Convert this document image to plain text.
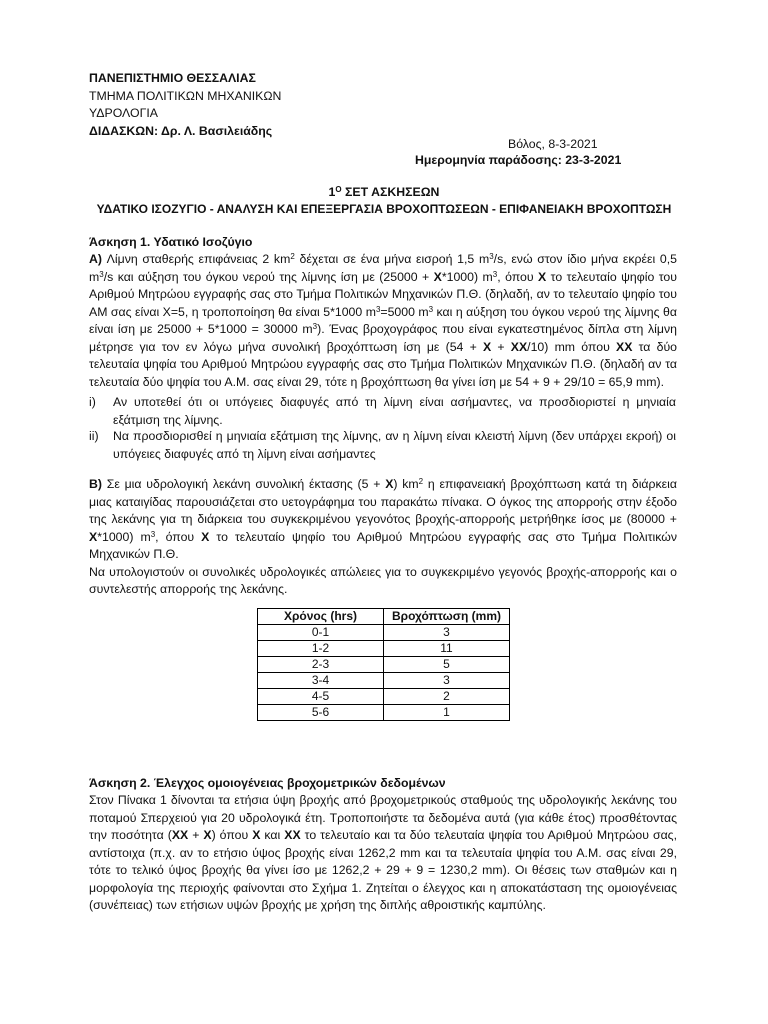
ΠΑΝΕΠΙΣΤΗΜΙΟ ΘΕΣΣΑΛΙΑΣ
ΤΜΗΜΑ ΠΟΛΙΤΙΚΩΝ ΜΗΧΑΝΙΚΩΝ
ΥΔΡΟΛΟΓΙΑ
ΔΙΔΑΣΚΩΝ: Δρ. Λ. Βασιλειάδης
Βόλος, 8-3-2021
Ημερομηνία παράδοσης: 23-3-2021
$1^O$ ΣΕΤ ΑΣΚΗΣΕΩΝ
ΥΔΑΤΙΚΟ ΙΣΟΖΥΓΙΟ - ΑΝΑΛΥΣΗ ΚΑΙ ΕΠΕΞΕΡΓΑΣΙΑ ΒΡΟΧΟΠΤΩΣΕΩΝ - ΕΠΙΦΑΝΕΙΑΚΗ ΒΡΟΧΟΠΤΩΣΗ
Άσκηση 1. Υδατικό Ισοζύγιο
A) Λίμνη σταθερής επιφάνειας 2 $km^2$ δέχεται σε ένα μήνα εισροή 1,5 $m^3/s$, ενώ στον ίδιο μήνα εκρέει 0,5 $m^3/s$ και αύξηση του όγκου νερού της λίμνης ίση με (25000 + X*1000) $m^3$, όπου X το τελευταίο ψηφίο του Αριθμού Μητρώου εγγραφής σας στο Τμήμα Πολιτικών Μηχανικών Π.Θ. (δηλαδή, αν το τελευταίο ψηφίο του ΑΜ σας είναι X=5, η τροποποίηση θα είναι 5*1000 $m^3=5000$ $m^3$ και η αύξηση του όγκου νερού της λίμνης θα είναι ίση με 25000 + 5*1000 = 30000 $m^3$). Ένας βροχογράφος που είναι εγκατεστημένος δίπλα στη λίμνη μέτρησε για τον εν λόγω μήνα συνολική βροχόπτωση ίση με (54 + X + XX/10) mm όπου XX τα δύο τελευταία ψηφία του Αριθμού Μητρώου εγγραφής σας στο Τμήμα Πολιτικών Μηχανικών Π.Θ. (δηλαδή αν τα τελευταία δύο ψηφία του Α.Μ. σας είναι 29, τότε η βροχόπτωση θα γίνει ίση με 54 + 9 + 29/10 = 65,9 mm).
i) Αν υποτεθεί ότι οι υπόγειες διαφυγές από τη λίμνη είναι ασήμαντες, να προσδιοριστεί η μηνιαία εξάτμιση της λίμνης.
ii) Να προσδιορισθεί η μηνιαία εξάτμιση της λίμνης, αν η λίμνη είναι κλειστή λίμνη (δεν υπάρχει εκροή) οι υπόγειες διαφυγές από τη λίμνη είναι ασήμαντες
B) Σε μια υδρολογική λεκάνη συνολική έκτασης (5 + X) $km^2$ η επιφανειακή βροχόπτωση κατά τη διάρκεια μιας καταιγίδας παρουσιάζεται στο υετογράφημα του παρακάτω πίνακα. Ο όγκος της απορροής στην έξοδο της λεκάνης για τη διάρκεια του συγκεκριμένου γεγονότος βροχής-απορροής μετρήθηκε ίσος με (80000 + X*1000) $m^3$, όπου X το τελευταίο ψηφίο του Αριθμού Μητρώου εγγραφής σας στο Τμήμα Πολιτικών Μηχανικών Π.Θ.
Να υπολογιστούν οι συνολικές υδρολογικές απώλειες για το συγκεκριμένο γεγονός βροχής-απορροής και ο συντελεστής απορροής της λεκάνης.
Χρόνος (hrs)	Βροχόπτωση (mm)
0-1	3
1-2	11
2-3	5
3-4	3
4-5	2
5-6	1
Άσκηση 2. Έλεγχος ομοιογένειας βροχομετρικών δεδομένων
Στον Πίνακα 1 δίνονται τα ετήσια ύψη βροχής από βροχομετρικούς σταθμούς της υδρολογικής λεκάνης του ποταμού Σπερχειού για 20 υδρολογικά έτη. Τροποποιήστε τα δεδομένα αυτά (για κάθε έτος) προσθέτοντας την ποσότητα (XX + X) όπου X και XX το τελευταίο και τα δύο τελευταία ψηφία του Αριθμού Μητρώου σας, αντίστοιχα (π.χ. αν το ετήσιο ύψος βροχής είναι 1262,2 mm και τα τελευταία ψηφία του Α.Μ. σας είναι 29, τότε το τελικό ύψος βροχής θα γίνει ίσο με 1262,2 + 29 + 9 = 1230,2 mm). Οι θέσεις των σταθμών και η μορφολογία της περιοχής φαίνονται στο Σχήμα 1. Ζητείται ο έλεγχος και η αποκατάσταση της ομοιογένειας (συνέπειας) των ετήσιων υψών βροχής με χρήση της διπλής αθροιστικής καμπύλης.
